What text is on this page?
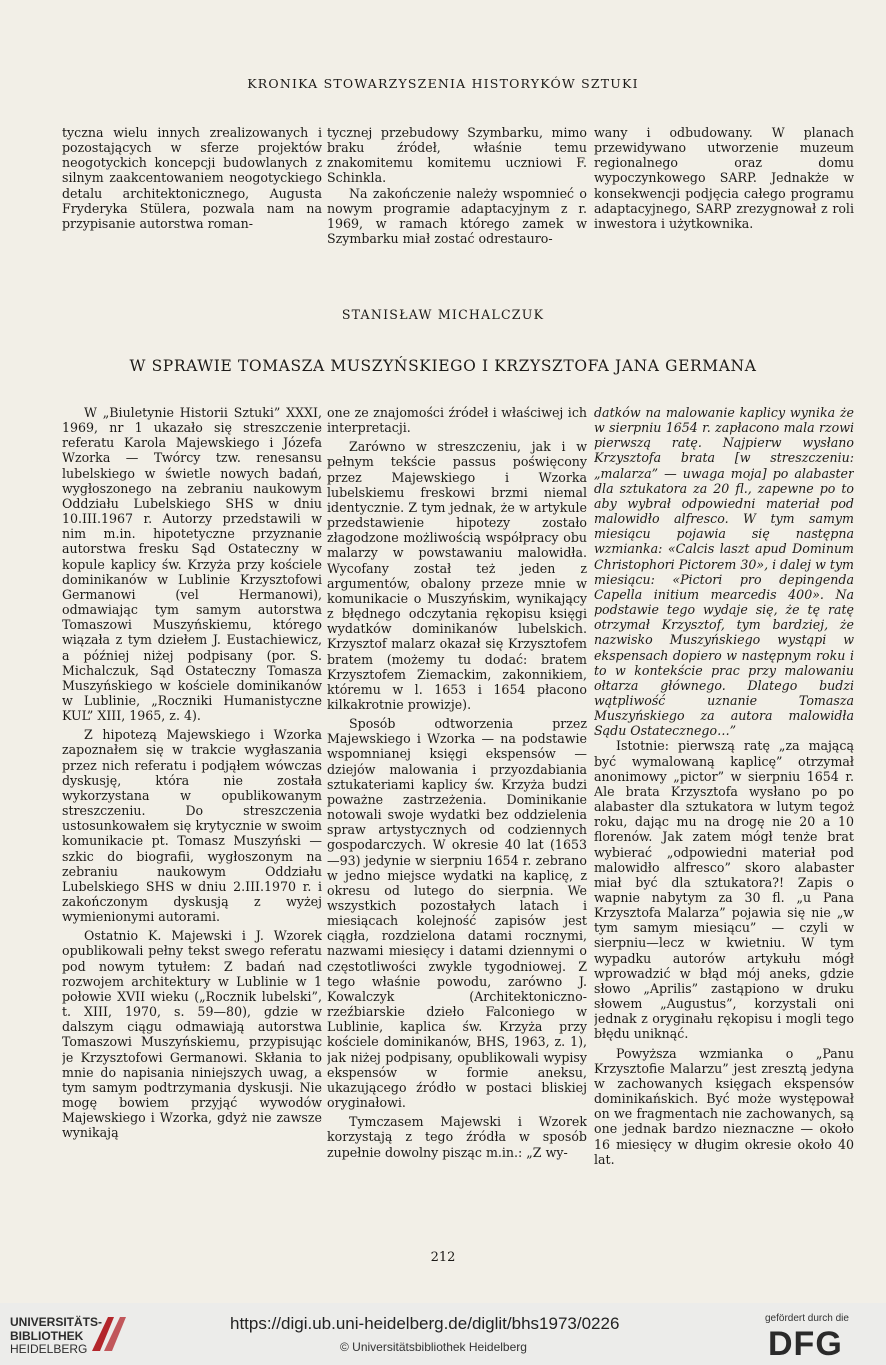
KRONIKA STOWARZYSZENIA HISTORYKÓW SZTUKI

tyczna wielu innych zrealizowanych i pozostających w sferze projektów neogotyckich koncepcji budowlanych z silnym zaakcentowaniem neogotyckiego detalu architektonicznego, Augusta Fryderyka Stülera, pozwala nam na przypisanie autorstwa roman-

tycznej przebudowy Szymbarku, mimo braku źródeł, właśnie temu znakomitemu komitemu uczniowi F. Schinkla.

Na zakończenie należy wspomnieć o nowym programie adaptacyjnym z r. 1969, w ramach którego zamek w Szymbarku miał zostać odrestauro-

wany i odbudowany. W planach przewidywano utworzenie muzeum regionalnego oraz domu wypoczynkowego SARP. Jednakże w konsekwencji podjęcia całego programu adaptacyjnego, SARP zrezygnował z roli inwestora i użytkownika.

STANISŁAW MICHALCZUK
W SPRAWIE TOMASZA MUSZYŃSKIEGO I KRZYSZTOFA JANA GERMANA

W „Biuletynie Historii Sztuki” XXXI, 1969, nr 1 ukazało się streszczenie referatu Karola Majewskiego i Józefa Wzorka — Twórcy tzw. renesansu lubelskiego w świetle nowych badań, wygłoszonego na zebraniu naukowym Oddziału Lubelskiego SHS w dniu 10.III.1967 r. Autorzy przedstawili w nim m.in. hipotetyczne przyznanie autorstwa fresku Sąd Ostateczny w kopule kaplicy św. Krzyża przy kościele dominikanów w Lublinie Krzysztofowi Germanowi (vel Hermanowi), odmawiając tym samym autorstwa Tomaszowi Muszyńskiemu, którego wiązała z tym dziełem J. Eustachiewicz, a później niżej podpisany (por. S. Michalczuk, Sąd Ostateczny Tomasza Muszyńskiego w kościele dominikanów w Lublinie, „Roczniki Humanistyczne KUL” XIII, 1965, z. 4).

Z hipotezą Majewskiego i Wzorka zapoznałem się w trakcie wygłaszania przez nich referatu i podjąłem wówczas dyskusję, która nie została wykorzystana w opublikowanym streszczeniu. Do streszczenia ustosunkowałem się krytycznie w swoim komunikacie pt. Tomasz Muszyński — szkic do biografii, wygłoszonym na zebraniu naukowym Oddziału Lubelskiego SHS w dniu 2.III.1970 r. i zakończonym dyskusją z wyżej wymienionymi autorami.

Ostatnio K. Majewski i J. Wzorek opublikowali pełny tekst swego referatu pod nowym tytułem: Z badań nad rozwojem architektury w Lublinie w 1 połowie XVII wieku („Rocznik lubelski”, t. XIII, 1970, s. 59—80), gdzie w dalszym ciągu odmawiają autorstwa Tomaszowi Muszyńskiemu, przypisując je Krzysztofowi Germanowi. Skłania to mnie do napisania niniejszych uwag, a tym samym podtrzymania dyskusji. Nie mogę bowiem przyjąć wywodów Majewskiego i Wzorka, gdyż nie zawsze wynikają

one ze znajomości źródeł i właściwej ich interpretacji.

Zarówno w streszczeniu, jak i w pełnym tekście passus poświęcony przez Majewskiego i Wzorka lubelskiemu freskowi brzmi niemal identycznie. Z tym jednak, że w artykule przedstawienie hipotezy zostało złagodzone możliwością współpracy obu malarzy w powstawaniu malowidła. Wycofany został też jeden z argumentów, obalony przeze mnie w komunikacie o Muszyńskim, wynikający z błędnego odczytania rękopisu księgi wydatków dominikanów lubelskich. Krzysztof malarz okazał się Krzysztofem bratem (możemy tu dodać: bratem Krzysztofem Ziemackim, zakonnikiem, któremu w l. 1653 i 1654 płacono kilkakrotnie prowizje).

Sposób odtworzenia przez Majewskiego i Wzorka — na podstawie wspomnianej księgi ekspensów — dziejów malowania i przyozdabiania sztukateriami kaplicy św. Krzyża budzi poważne zastrzeżenia. Dominikanie notowali swoje wydatki bez oddzielenia spraw artystycznych od codziennych gospodarczych. W okresie 40 lat (1653—93) jedynie w sierpniu 1654 r. zebrano w jedno miejsce wydatki na kaplicę, z okresu od lutego do sierpnia. We wszystkich pozostałych latach i miesiącach kolejność zapisów jest ciągła, rozdzielona datami rocznymi, nazwami miesięcy i datami dziennymi o częstotliwości zwykle tygodniowej. Z tego właśnie powodu, zarówno J. Kowalczyk (Architektoniczno-rzeźbiarskie dzieło Falconiego w Lublinie, kaplica św. Krzyża przy kościele dominikanów, BHS, 1963, z. 1), jak niżej podpisany, opublikowali wypisy ekspensów w formie aneksu, ukazującego źródło w postaci bliskiej oryginałowi.

Tymczasem Majewski i Wzorek korzystają z tego źródła w sposób zupełnie dowolny pisząc m.in.: „Z wy-

datków na malowanie kaplicy wynika że w sierpniu 1654 r. zapłacono mala rzowi pierwszą ratę. Najpierw wysłano Krzysztofa brata [w streszczeniu: „malarza” — uwaga moja] po alabaster dla sztukatora za 20 fl., zapewne po to aby wybrał odpowiedni materiał pod malowidło alfresco. W tym samym miesiącu pojawia się następna wzmianka: «Calcis laszt apud Dominum Christophori Pictorem 30», i dalej w tym miesiącu: «Pictori pro depingenda Capella initium mearcedis 400». Na podstawie tego wydaje się, że tę ratę otrzymał Krzysztof, tym bardziej, że nazwisko Muszyńskiego wystąpi w ekspensach dopiero w następnym roku i to w kontekście prac przy malowaniu ołtarza głównego. Dlatego budzi wątpliwość uznanie Tomasza Muszyńskiego za autora malowidła Sądu Ostatecznego…”

Istotnie: pierwszą ratę „za mającą być wymalowaną kaplicę” otrzymał anonimowy „pictor” w sierpniu 1654 r. Ale brata Krzysztofa wysłano po po alabaster dla sztukatora w lutym tegoż roku, dając mu na drogę nie 20 a 10 florenów. Jak zatem mógł tenże brat wybierać „odpowiedni materiał pod malowidło alfresco” skoro alabaster miał być dla sztukatora?! Zapis o wapnie nabytym za 30 fl. „u Pana Krzysztofa Malarza” pojawia się nie „w tym samym miesiącu” — czyli w sierpniu—lecz w kwietniu. W tym wypadku autorów artykułu mógł wprowadzić w błąd mój aneks, gdzie słowo „Aprilis” zastąpiono w druku słowem „Augustus”, korzystali oni jednak z oryginału rękopisu i mogli tego błędu uniknąć.

Powyższa wzmianka o „Panu Krzysztofie Malarzu” jest zresztą jedyna w zachowanych księgach ekspensów dominikańskich. Być może występował on we fragmentach nie zachowanych, są one jednak bardzo nieznaczne — około 16 miesięcy w długim okresie około 40 lat.

212
UNIVERSITÄTS-
BIBLIOTHEK
HEIDELBERG
https://digi.ub.uni-heidelberg.de/diglit/bhs1973/0226
© Universitätsbibliothek Heidelberg
gefördert durch die
DFG
